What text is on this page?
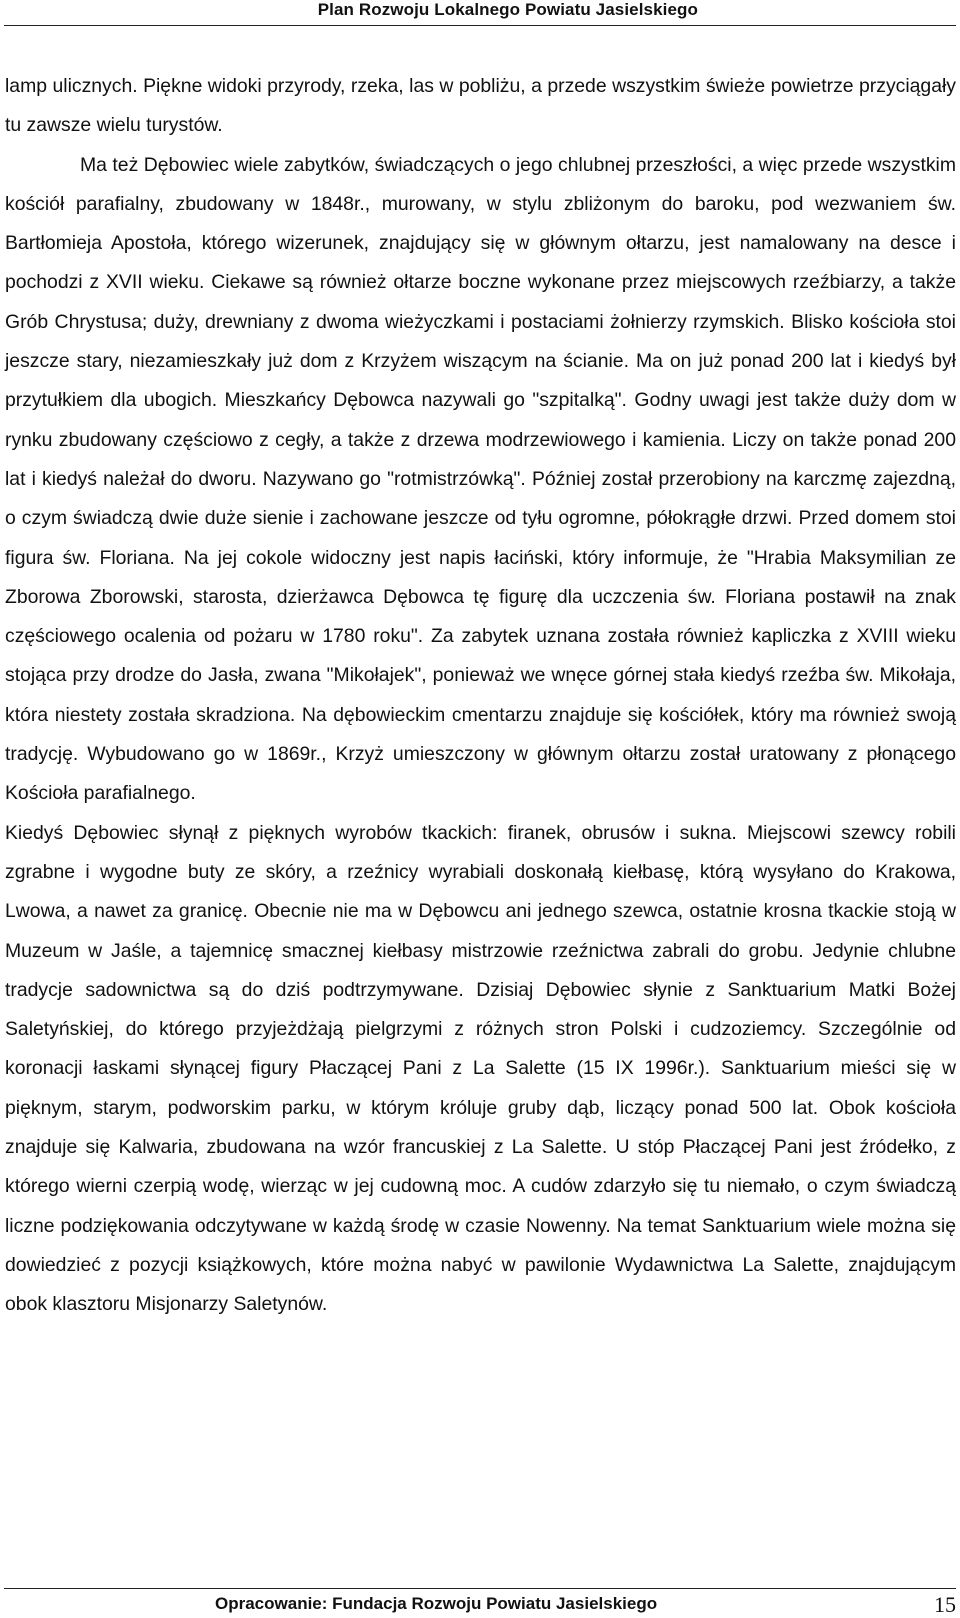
Plan Rozwoju Lokalnego Powiatu Jasielskiego

lamp ulicznych. Piękne widoki przyrody, rzeka, las w pobliżu, a przede wszystkim świeże powietrze przyciągały tu zawsze wielu turystów.

Ma też Dębowiec wiele zabytków, świadczących o jego chlubnej przeszłości, a więc przede wszystkim kościół parafialny, zbudowany w 1848r., murowany, w stylu zbliżonym do baroku, pod wezwaniem św. Bartłomieja Apostoła, którego wizerunek, znajdujący się w głównym ołtarzu, jest namalowany na desce i pochodzi z XVII wieku. Ciekawe są również ołtarze boczne wykonane przez miejscowych rzeźbiarzy, a także Grób Chrystusa; duży, drewniany z dwoma wieżyczkami i postaciami żołnierzy rzymskich. Blisko kościoła stoi jeszcze stary, niezamieszkały już dom z Krzyżem wiszącym na ścianie. Ma on już ponad 200 lat i kiedyś był przytułkiem dla ubogich. Mieszkańcy Dębowca nazywali go "szpitalką". Godny uwagi jest także duży dom w rynku zbudowany częściowo z cegły, a także z drzewa modrzewiowego i kamienia. Liczy on także ponad 200 lat i kiedyś należał do dworu. Nazywano go "rotmistrzówką". Później został przerobiony na karczmę zajezdną, o czym świadczą dwie duże sienie i zachowane jeszcze od tyłu ogromne, półokrągłe drzwi. Przed domem stoi figura św. Floriana. Na jej cokole widoczny jest napis łaciński, który informuje, że "Hrabia Maksymilian ze Zborowa Zborowski, starosta, dzierżawca Dębowca tę figurę dla uczczenia św. Floriana postawił na znak częściowego ocalenia od pożaru w 1780 roku". Za zabytek uznana została również kapliczka z XVIII wieku stojąca przy drodze do Jasła, zwana "Mikołajek", ponieważ we wnęce górnej stała kiedyś rzeźba św. Mikołaja, która niestety została skradziona. Na dębowieckim cmentarzu znajduje się kościółek, który ma również swoją tradycję. Wybudowano go w 1869r., Krzyż umieszczony w głównym ołtarzu został uratowany z płonącego Kościoła parafialnego.

Kiedyś Dębowiec słynął z pięknych wyrobów tkackich: firanek, obrusów i sukna. Miejscowi szewcy robili zgrabne i wygodne buty ze skóry, a rzeźnicy wyrabiali doskonałą kiełbasę, którą wysyłano do Krakowa, Lwowa, a nawet za granicę. Obecnie nie ma w Dębowcu ani jednego szewca, ostatnie krosna tkackie stoją w Muzeum w Jaśle, a tajemnicę smacznej kiełbasy mistrzowie rzeźnictwa zabrali do grobu. Jedynie chlubne tradycje sadownictwa są do dziś podtrzymywane. Dzisiaj Dębowiec słynie z Sanktuarium Matki Bożej Saletyńskiej, do którego przyjeżdżają pielgrzymi z różnych stron Polski i cudzoziemcy. Szczególnie od koronacji łaskami słynącej figury Płaczącej Pani z La Salette (15 IX 1996r.). Sanktuarium mieści się w pięknym, starym, podworskim parku, w którym króluje gruby dąb, liczący ponad 500 lat. Obok kościoła znajduje się Kalwaria, zbudowana na wzór francuskiej z La Salette. U stóp Płaczącej Pani jest źródełko, z którego wierni czerpią wodę, wierząc w jej cudowną moc. A cudów zdarzyło się tu niemało, o czym świadczą liczne podziękowania odczytywane w każdą środę w czasie Nowenny. Na temat Sanktuarium wiele można się dowiedzieć z pozycji książkowych, które można nabyć w pawilonie Wydawnictwa La Salette, znajdującym obok klasztoru Misjonarzy Saletynów.

Opracowanie: Fundacja Rozwoju Powiatu Jasielskiego	15
